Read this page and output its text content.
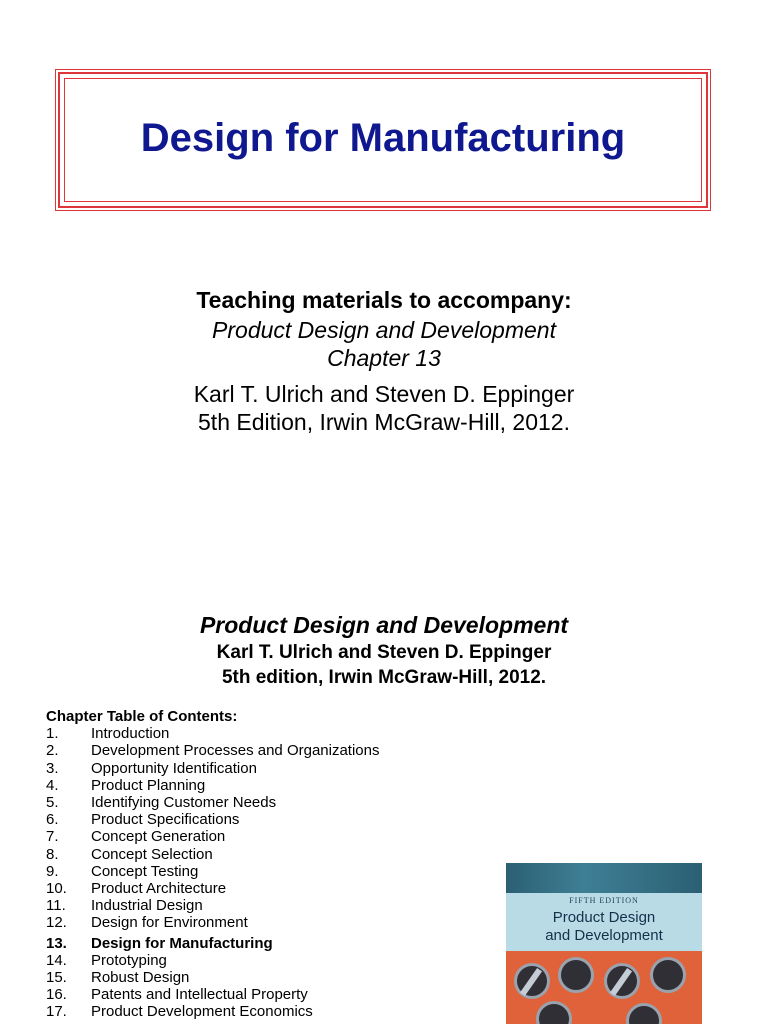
Design for Manufacturing
Teaching materials to accompany:
Product Design and Development
Chapter 13
Karl T. Ulrich and Steven D. Eppinger
5th Edition, Irwin McGraw-Hill, 2012.
Product Design and Development
Karl T. Ulrich and Steven D. Eppinger
5th edition, Irwin McGraw-Hill, 2012.
Chapter Table of Contents:
1.	Introduction
2.	Development Processes and Organizations
3.	Opportunity Identification
4.	Product Planning
5.	Identifying Customer Needs
6.	Product Specifications
7.	Concept Generation
8.	Concept Selection
9.	Concept Testing
10.	Product Architecture
11.	Industrial Design
12.	Design for Environment
13.	Design for Manufacturing
14.	Prototyping
15.	Robust Design
16.	Patents and Intellectual Property
17.	Product Development Economics
FIFTH EDITION
Product Design
and Development
